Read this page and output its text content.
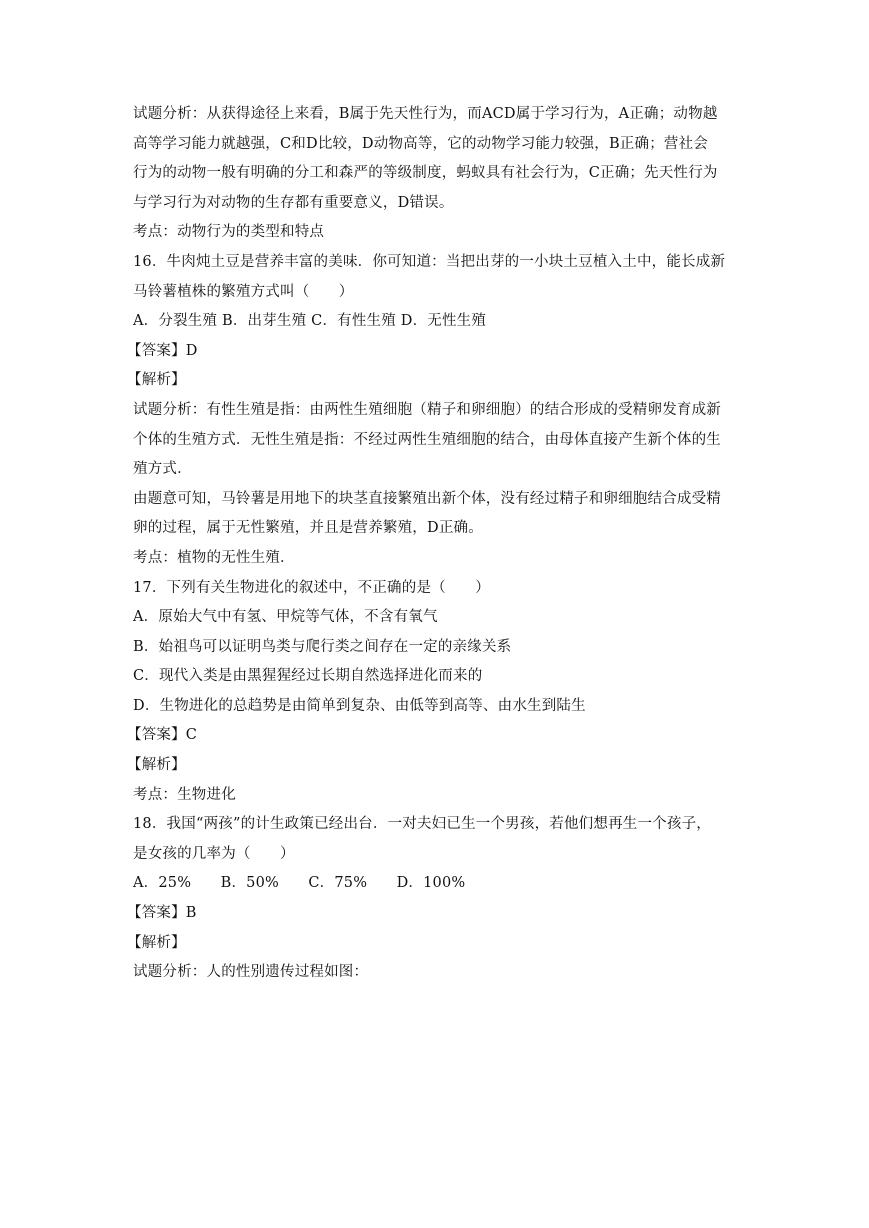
试题分析：从获得途径上来看，B属于先天性行为，而ACD属于学习行为，A正确；动物越
高等学习能力就越强，C和D比较，D动物高等，它的动物学习能力较强，B正确；营社会
行为的动物一般有明确的分工和森严的等级制度，蚂蚁具有社会行为，C正确；先天性行为
与学习行为对动物的生存都有重要意义，D错误。
考点：动物行为的类型和特点
16．牛肉炖土豆是营养丰富的美味．你可知道：当把出芽的一小块土豆植入土中，能长成新
马铃薯植株的繁殖方式叫（　　）
A．分裂生殖 B．出芽生殖 C．有性生殖 D．无性生殖
【答案】D
【解析】
试题分析：有性生殖是指：由两性生殖细胞（精子和卵细胞）的结合形成的受精卵发育成新
个体的生殖方式．无性生殖是指：不经过两性生殖细胞的结合，由母体直接产生新个体的生
殖方式．
由题意可知，马铃薯是用地下的块茎直接繁殖出新个体，没有经过精子和卵细胞结合成受精
卵的过程，属于无性繁殖，并且是营养繁殖，D正确。
考点：植物的无性生殖．
17．下列有关生物进化的叙述中，不正确的是（　　）
A．原始大气中有氢、甲烷等气体，不含有氧气
B．始祖鸟可以证明鸟类与爬行类之间存在一定的亲缘关系
C．现代入类是由黑猩猩经过长期自然选择进化而来的
D．生物进化的总趋势是由简单到复杂、由低等到高等、由水生到陆生
【答案】C
【解析】
考点：生物进化
18．我国“两孩”的计生政策已经出台．一对夫妇已生一个男孩，若他们想再生一个孩子，
是女孩的几率为（　　）
A．25%　　B．50%　　C．75%　　D．100%
【答案】B
【解析】
试题分析：人的性别遗传过程如图：
